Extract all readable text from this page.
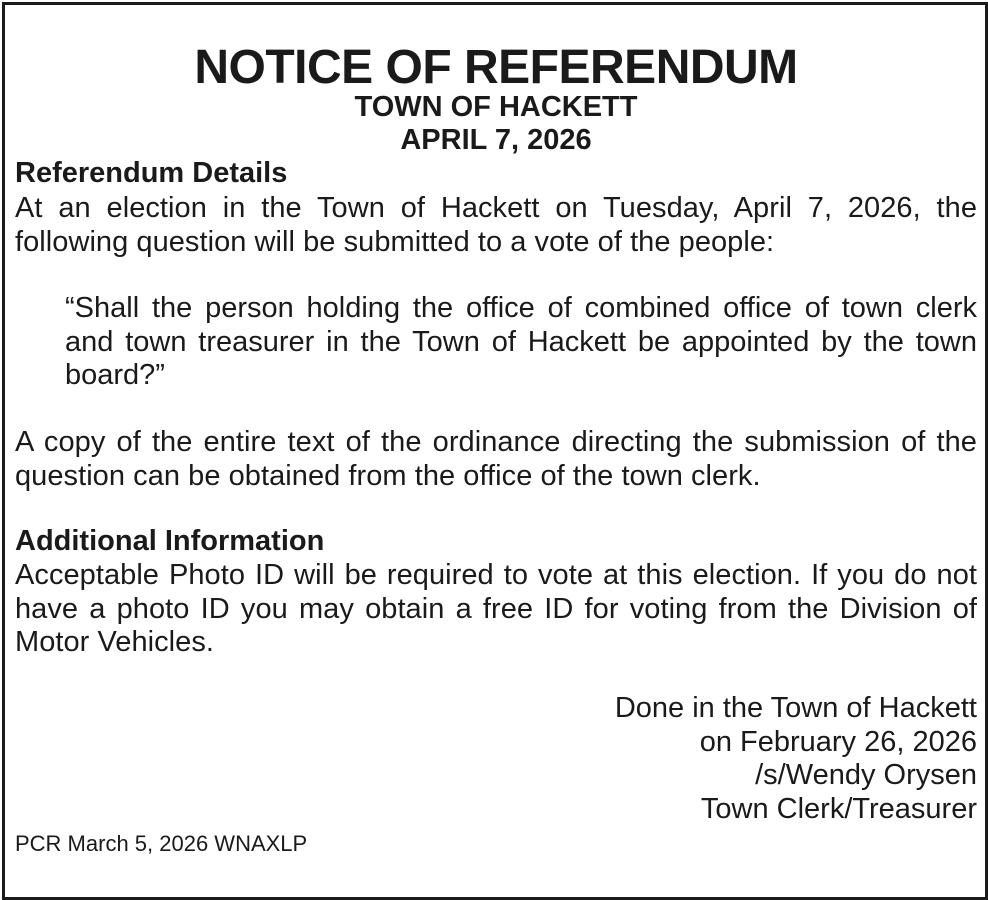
NOTICE OF REFERENDUM
TOWN OF HACKETT
APRIL 7, 2026
Referendum Details
At an election in the Town of Hackett on Tuesday, April 7, 2026, the following question will be submitted to a vote of the people:
“Shall the person holding the office of combined office of town clerk and town treasurer in the Town of Hackett be appointed by the town board?”
A copy of the entire text of the ordinance directing the submission of the question can be obtained from the office of the town clerk.
Additional Information
Acceptable Photo ID will be required to vote at this election. If you do not have a photo ID you may obtain a free ID for voting from the Division of Motor Vehicles.
Done in the Town of Hackett
on February 26, 2026
/s/Wendy Orysen
Town Clerk/Treasurer
PCR March 5, 2026 WNAXLP
